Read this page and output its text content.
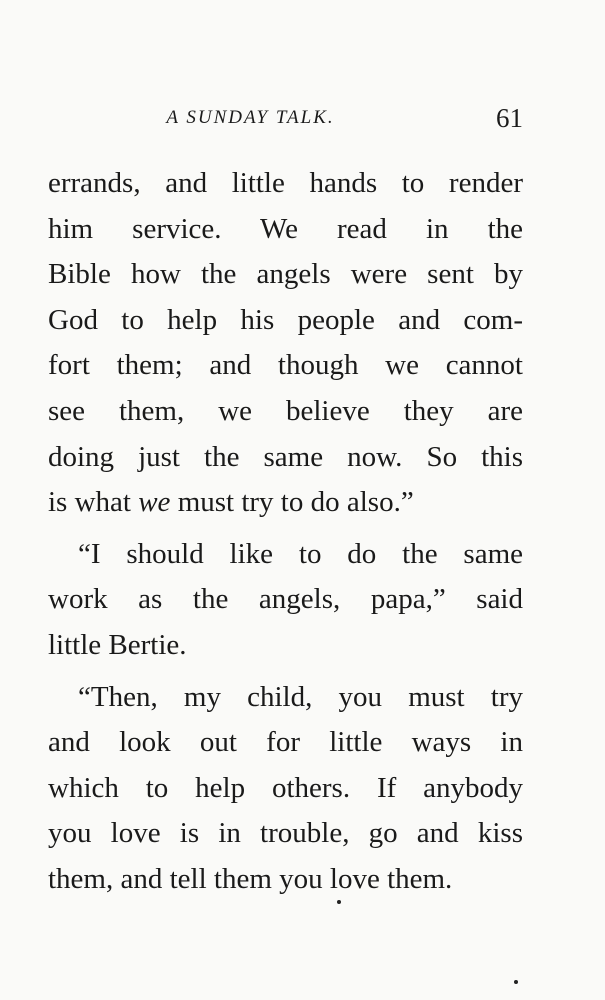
A SUNDAY TALK.	61
errands, and little hands to render
him service. We read in the
Bible how the angels were sent by
God to help his people and com-
fort them; and though we cannot
see them, we believe they are
doing just the same now. So this
is what we must try to do also.”
“I should like to do the same
work as the angels, papa,” said
little Bertie.
“Then, my child, you must try
and look out for little ways in
which to help others. If anybody
you love is in trouble, go and kiss
them, and tell them you love them.
